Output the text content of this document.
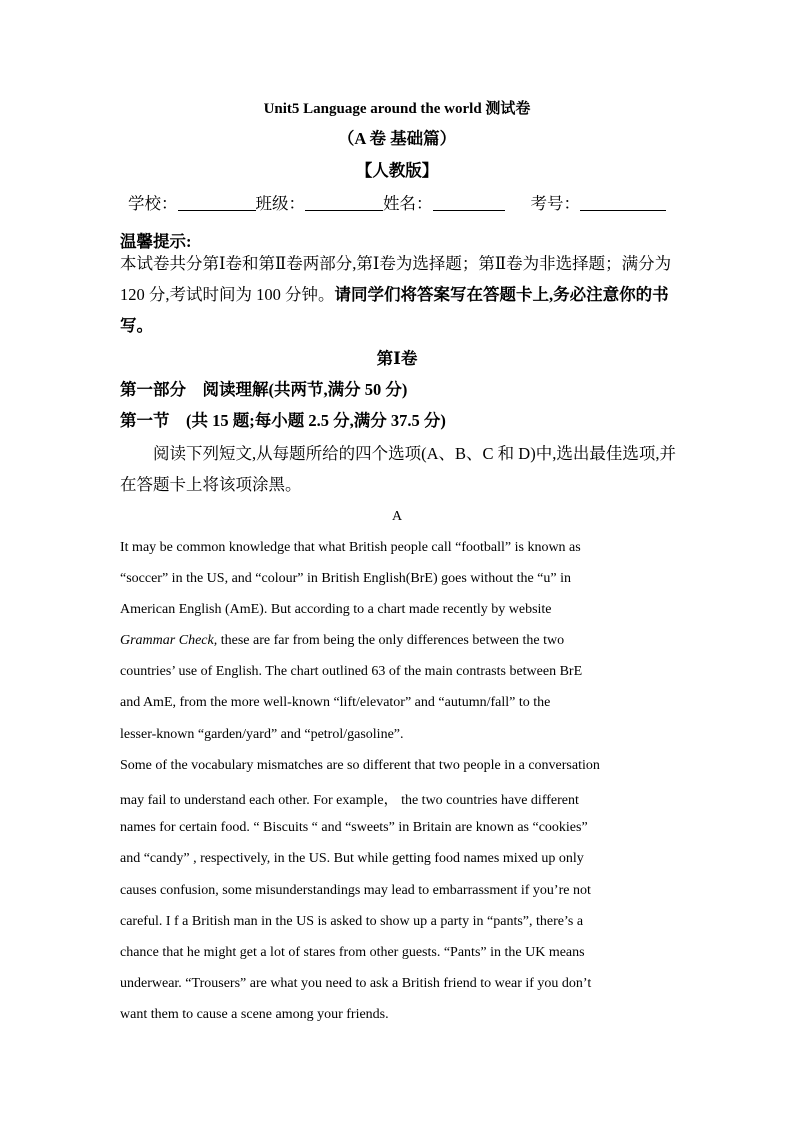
Unit5 Language around the world 测试卷
（A 卷 基础篇）
【人教版】
学校：	班级：	姓名：	考号：
温馨提示:
本试卷共分第Ⅰ卷和第Ⅱ卷两部分,第Ⅰ卷为选择题；第Ⅱ卷为非选择题；满分为 120 分,考试时间为 100 分钟。请同学们将答案写在答题卡上,务必注意你的书写。
第Ⅰ卷
第一部分　阅读理解(共两节,满分 50 分)
第一节　(共 15 题;每小题 2.5 分,满分 37.5 分)
阅读下列短文,从每题所给的四个选项(A、B、C 和 D)中,选出最佳选项,并在答题卡上将该项涂黑。
A
It may be common knowledge that what British people call “football” is known as
“soccer” in the US, and “colour” in British English(BrE) goes without the “u” in
American English (AmE). But according to a chart made recently by website
Grammar Check, these are far from being the only differences between the two
countries’ use of English. The chart outlined 63 of the main contrasts between BrE
and AmE, from the more well-known “lift/elevator” and “autumn/fall” to the
lesser-known “garden/yard” and “petrol/gasoline”.
Some of the vocabulary mismatches are so different that two people in a conversation
may fail to understand each other. For example， the two countries have different
names for certain food. “ Biscuits “ and “sweets” in Britain are known as “cookies”
and “candy” , respectively, in the US. But while getting food names mixed up only
causes confusion, some misunderstandings may lead to embarrassment if you’re not
careful. I f a British man in the US is asked to show up a party in “pants”, there’s a
chance that he might get a lot of stares from other guests. “Pants” in the UK means
underwear. “Trousers” are what you need to ask a British friend to wear if you don’t
want them to cause a scene among your friends.
